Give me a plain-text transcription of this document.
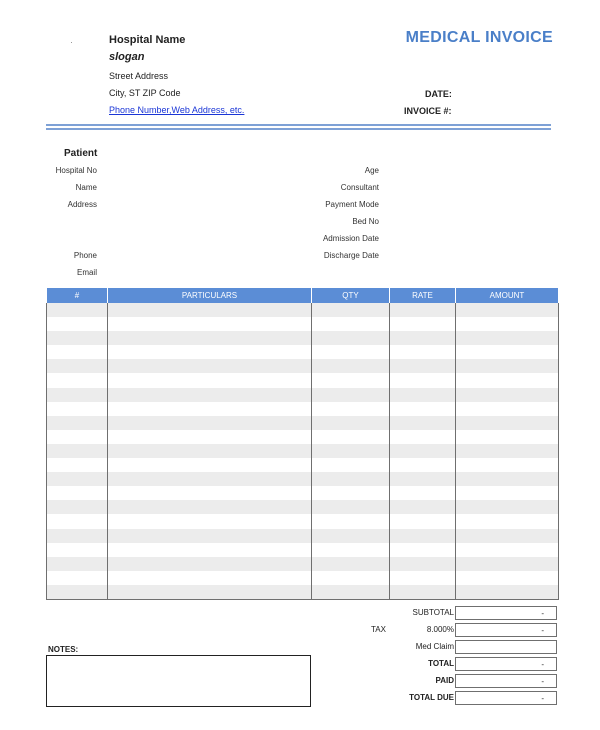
Hospital Name
slogan
Street Address
City, ST ZIP Code
Phone Number,Web Address, etc.
MEDICAL INVOICE
DATE:
INVOICE #:
Patient
Hospital No
Name
Address
Phone
Email
Age
Consultant
Payment Mode
Bed No
Admission Date
Discharge Date
#	PARTICULARS	QTY	RATE	AMOUNT

SUBTOTAL	-
TAX	8.000%	-
Med Claim
TOTAL	-
PAID	-
TOTAL DUE	-
NOTES:
